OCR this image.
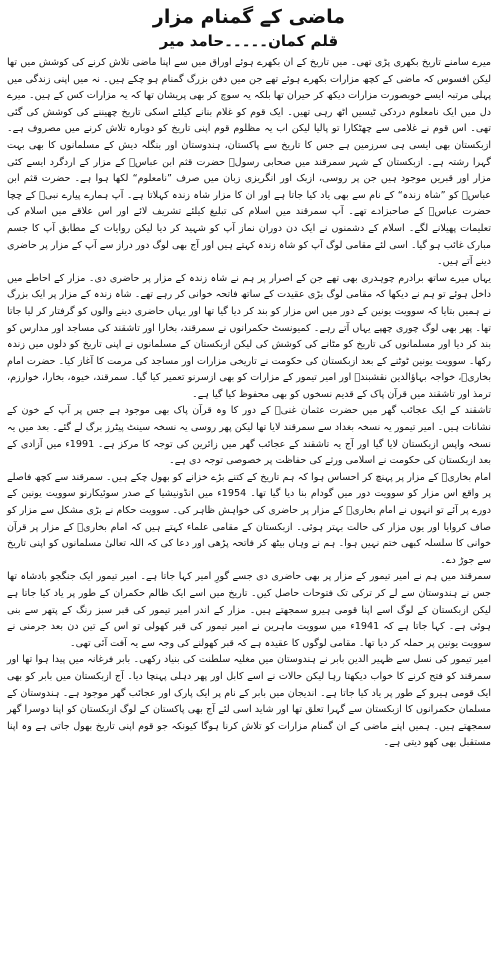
ماضی کے گمنام مزار
قلم کمان۔۔۔۔۔حامد میر

میرے سامنے تاریخ بکھری پڑی تھی۔ میں تاریخ کے ان بکھرے ہوئے اوراق میں سے اپنا ماضی تلاش کرنے کی کوشش میں تھا لیکن افسوس کہ ماضی کے کچھ مزارات بکھرے ہوئے تھے جن میں دفن بزرگ گمنام ہو چکے ہیں۔ نہ میں اپنی زندگی میں پہلی مرتبہ ایسے خوبصورت مزارات دیکھ کر حیران تھا بلکہ یہ سوچ کر بھی پریشان تھا کہ یہ مزارات کس کے ہیں۔ میرے دل میں ایک نامعلوم دردکی ٹیسیں اٹھ رہی تھیں۔ ایک قوم کو غلام بنانے کیلئے اسکی تاریخ چھیننے کی کوشش کی گئی تھی۔ اس قوم نے غلامی سے چھٹکارا تو پالیا لیکن اب یہ مظلوم قوم اپنی تاریخ کو دوبارہ تلاش کرنے میں مصروف ہے۔ ازبکستان بھی ایسی ہی سرزمین ہے جس کا تاریخ سے پاکستان، ہندوستان اور بنگلہ دیش کے مسلمانوں کا بھی بہت گہرا رشتہ ہے۔ ازبکستان کے شہر سمرقند میں صحابی رسولؐ حضرت قثم ابن عباسؓ کے مزار کے اردگرد ایسے کئی مزار اور قبریں موجود ہیں جن پر روسی، ازبک اور انگریزی زبان میں صرف ”نامعلوم“ لکھا ہوا ہے۔ حضرت قثم ابن عباسؓ کو ”شاہ زندہ“ کے نام سے بھی یاد کیا جاتا ہے اور ان کا مزار شاہ زندہ کہلاتا ہے۔ آپ ہمارے پیارے نبیؐ کے چچا حضرت عباسؓ کے صاحبزادے تھے۔ آپ سمرقند میں اسلام کی تبلیغ کیلئے تشریف لائے اور اس علاقے میں اسلام کی تعلیمات پھیلانے لگے۔ اسلام کے دشمنوں نے ایک دن دوران نماز آپ کو شہید کر دیا لیکن روایات کے مطابق آپ کا جسم مبارک غائب ہو گیا۔ اسی لئے مقامی لوگ آپ کو شاہ زندہ کہتے ہیں اور آج بھی لوگ دور دراز سے آپ کے مزار پر حاضری دینے آتے ہیں۔

یہاں میرے ساتھ برادرم چوہدری بھی تھے جن کے اصرار پر ہم نے شاہ زندہ کے مزار پر حاضری دی۔ مزار کے احاطے میں داخل ہوئے تو ہم نے دیکھا کہ مقامی لوگ بڑی عقیدت کے ساتھ فاتحہ خوانی کر رہے تھے۔ شاہ زندہ کے مزار پر ایک بزرگ نے ہمیں بتایا کہ سوویت یونین کے دور میں اس مزار کو بند کر دیا گیا تھا اور یہاں حاضری دینے والوں کو گرفتار کر لیا جاتا تھا۔ پھر بھی لوگ چوری چھپے یہاں آتے رہے۔ کمیونسٹ حکمرانوں نے سمرقند، بخارا اور تاشقند کی مساجد اور مدارس کو بند کر دیا اور مسلمانوں کی تاریخ کو مٹانے کی کوشش کی لیکن ازبکستان کے مسلمانوں نے اپنی تاریخ کو دلوں میں زندہ رکھا۔ سوویت یونین ٹوٹنے کے بعد ازبکستان کی حکومت نے تاریخی مزارات اور مساجد کی مرمت کا آغاز کیا۔ حضرت امام بخاریؒ، خواجہ بہاؤالدین نقشبندؒ اور امیر تیمور کے مزارات کو بھی ازسرنو تعمیر کیا گیا۔ سمرقند، خیوہ، بخارا، خوارزم، ترمذ اور تاشقند میں قرآن پاک کے قدیم نسخوں کو بھی محفوظ کیا گیا ہے۔

تاشقند کے ایک عجائب گھر میں حضرت عثمان غنیؓ کے دور کا وہ قرآن پاک بھی موجود ہے جس پر آپ کے خون کے نشانات ہیں۔ امیر تیمور یہ نسخہ بغداد سے سمرقند لایا تھا لیکن پھر روسی یہ نسخہ سینٹ پیٹرز برگ لے گئے۔ بعد میں یہ نسخہ واپس ازبکستان لایا گیا اور آج یہ تاشقند کے عجائب گھر میں زائرین کی توجہ کا مرکز ہے۔ 1991ء میں آزادی کے بعد ازبکستان کی حکومت نے اسلامی ورثے کی حفاظت پر خصوصی توجہ دی ہے۔

امام بخاریؒ کے مزار پر پہنچ کر احساس ہوا کہ ہم تاریخ کے کتنے بڑے خزانے کو بھول چکے ہیں۔ سمرقند سے کچھ فاصلے پر واقع اس مزار کو سوویت دور میں گودام بنا دیا گیا تھا۔ 1954ء میں انڈونیشیا کے صدر سوئیکارنو سوویت یونین کے دورے پر آئے تو انہوں نے امام بخاریؒ کے مزار پر حاضری کی خواہش ظاہر کی۔ سوویت حکام نے بڑی مشکل سے مزار کو صاف کروایا اور یوں مزار کی حالت بہتر ہوئی۔ ازبکستان کے مقامی علماء کہتے ہیں کہ امام بخاریؒ کے مزار پر قرآن خوانی کا سلسلہ کبھی ختم نہیں ہوا۔ ہم نے وہاں بیٹھ کر فاتحہ پڑھی اور دعا کی کہ اللہ تعالیٰ مسلمانوں کو اپنی تاریخ سے جوڑ دے۔

سمرقند میں ہم نے امیر تیمور کے مزار پر بھی حاضری دی جسے گورِ امیر کہا جاتا ہے۔ امیر تیمور ایک جنگجو بادشاہ تھا جس نے ہندوستان سے لے کر ترکی تک فتوحات حاصل کیں۔ تاریخ میں اسے ایک ظالم حکمران کے طور پر یاد کیا جاتا ہے لیکن ازبکستان کے لوگ اسے اپنا قومی ہیرو سمجھتے ہیں۔ مزار کے اندر امیر تیمور کی قبر سبز رنگ کے پتھر سے بنی ہوئی ہے۔ کہا جاتا ہے کہ 1941ء میں سوویت ماہرین نے امیر تیمور کی قبر کھولی تو اس کے تین دن بعد جرمنی نے سوویت یونین پر حملہ کر دیا تھا۔ مقامی لوگوں کا عقیدہ ہے کہ قبر کھولنے کی وجہ سے یہ آفت آئی تھی۔

امیر تیمور کی نسل سے ظہیر الدین بابر نے ہندوستان میں مغلیہ سلطنت کی بنیاد رکھی۔ بابر فرغانہ میں پیدا ہوا تھا اور سمرقند کو فتح کرنے کا خواب دیکھتا رہا لیکن حالات نے اسے کابل اور پھر دہلی پہنچا دیا۔ آج ازبکستان میں بابر کو بھی ایک قومی ہیرو کے طور پر یاد کیا جاتا ہے۔ اندیجان میں بابر کے نام پر ایک پارک اور عجائب گھر موجود ہے۔ ہندوستان کے مسلمان حکمرانوں کا ازبکستان سے گہرا تعلق تھا اور شاید اسی لئے آج بھی پاکستان کے لوگ ازبکستان کو اپنا دوسرا گھر سمجھتے ہیں۔ ہمیں اپنے ماضی کے ان گمنام مزارات کو تلاش کرنا ہوگا کیونکہ جو قوم اپنی تاریخ بھول جاتی ہے وہ اپنا مستقبل بھی کھو دیتی ہے۔
